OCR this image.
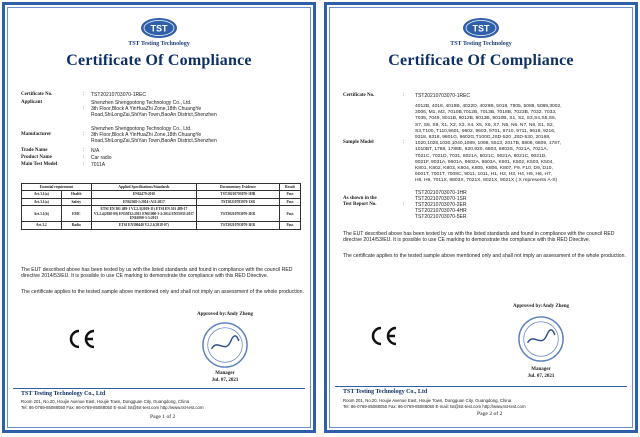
TST
TST Testing Technology
Certificate Of Compliance
Certificate No.	: TST20210703070-1REC
Applicant
:
Shenzhen Shengpotong Technology Co., Ltd.
3th Floor,Block A YinHuaZhi Zone,18th ChuangYe
Road,ShiLongZai,ShiYan Town,BaoAn District,Shenzhen
Manufacturer	:
Shenzhen Shengpotong Technology Co., Ltd.
3th Floor,Block A YinHuaZhi Zone,18th ChuangYe
Road,ShiLongZai,ShiYan Town,BaoAn District,Shenzhen
Trade Name	: N/A
Product Name	: Car radio
Main Test Model	: 7011A
Essential requirement		Applied Specifications/Standards	Documentary Evidence	Result
Art.3.1(a)	Health	EN62479:2010	TST20210703070-1HR	Pass
Art.3.1(a)	Safety	EN62368-1:2014+A11:2017	TST20210703070-1SR	Pass
Art.3.1(b)	EMC	ETSI EN 301 489-1 V2.2.3(2019-11) ETSI EN 301 489-17 V3.2.4(2020-09) EN55032:2015 EN61000-3-2:2014 EN55035:2017 EN61000-3-3:2013	TST20210703070-2ER	Pass
Art.3.2	Radio	ETSI EN300440 V2.2.1(2018-07)	TST20210703070-3ER	Pass
The EUT described above has been tested by us with the listed standards and found in compliance with the council RED directive 2014/53/EU. It is possible to use CE marking to demonstrate the compliance with this RED Directive.
The certificate applies to the tested sample above mentioned only and shall not imply an assessment of the whole production.
Approved by:Andy Zheng
Manager
Jul. 07, 2021
TST Testing Technology Co., Ltd
Room 201, No.20, Houjie Avenue East, Houjie Town, Dongguan City, Guangdong, China
Tel: 86-0769-85088050 Fax: 86-0769-85088050 E-mail: tst@tst-test.com http://www.tst-test.com
Page 1 of 2
TST
TST Testing Technology
Certificate Of Compliance
Certificate No.	: TST20210703070-1REC
Sample Model	:
4012B, 4018, 4019B, 4022D, 4029B, 5018, 7805, 5088, 5089,3002,
3006, M1, M2, 7010B,7012B, 7013B, 7018B, 7023B, 7032, 7033,
7035, 7049, 8011B, 8012B, 8013B, 9010B, S1, S2, S3,S4,S5,S6,
S7, S8, S9, X1, X2, X3, X4, X5, X6, X7, N5, N6, N7, N8, S1, S2,
S3,T100, T110,9601, 9602, 9603, 9701, 9710, 9711, 9618, 9216,
9318, 9318, 9801G, 9602G,T100G,JSD-520 ,JSD-530, 20168,
1020,1028,1030,1040,1089, 1088, 5513, 2017B, 8808, 6809, 1787,
1010BT, 1788, 1788E, 620,920, 6803, 6803S, 7021A, 7021A,
7021C, 7021D, 7031, 8021A, 8021C, 9021A, 8021C, 9021D,
9021F, 9031A, 9601A, 9602A, 9603A, K501, K502, K503, K504,
K801, K802, K803, K804, K805, K806, K807, F9, F10, D9, D10,
6001T, 7001T, 7008C, 9011, 1011, H1, H2, H3, H4, H5, H6, H7,
H8, H9, 7011X, 8803X, 7021X, 8021X, 9021X ( X represents A-S)
As shown in the
Test Report No.	:
TST20210703070-1HR
TST20210703070-1SR
TST20210703070-2ER
TST20210703070-4HR
TST20210703070-5ER
The EUT described above has been tested by us with the listed standards and found in compliance with the council RED directive 2014/53/EU. It is possible to use CE marking to demonstrate the compliance with this RED Directive.
The certificate applies to the tested sample above mentioned only and shall not imply an assessment of the whole production.
Approved by:Andy Zheng
Manager
Jul. 07, 2021
TST Testing Technology Co., Ltd
Room 201, No.20, Houjie Avenue East, Houjie Town, Dongguan City, Guangdong, China
Tel: 86-0769-85088050 Fax: 86-0769-85088050 E-mail: tst@tst-test.com http://www.tst-test.com
Page 2 of 2
